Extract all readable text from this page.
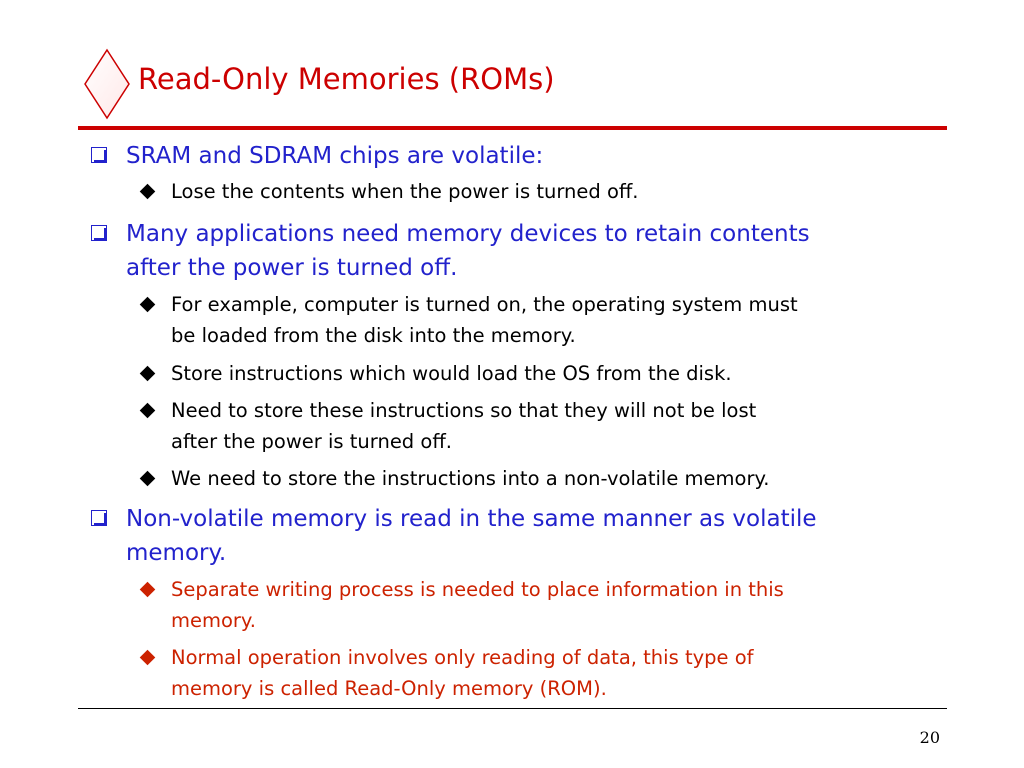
Read-Only Memories (ROMs)
SRAM and SDRAM chips are volatile:
Lose the contents when the power is turned off.
Many applications need memory devices to retain contents
after the power is turned off.
For example, computer is turned on, the operating system must
be loaded from the disk into the memory.
Store instructions which would load the OS from the disk.
Need to store these instructions so that they will not be lost
after the power is turned off.
We need to store the instructions into a non-volatile memory.
Non-volatile memory is read in the same manner as volatile
memory.
Separate writing process is needed to place information in this
memory.
Normal operation involves only reading of data, this type of
memory is called Read-Only memory (ROM).
20
